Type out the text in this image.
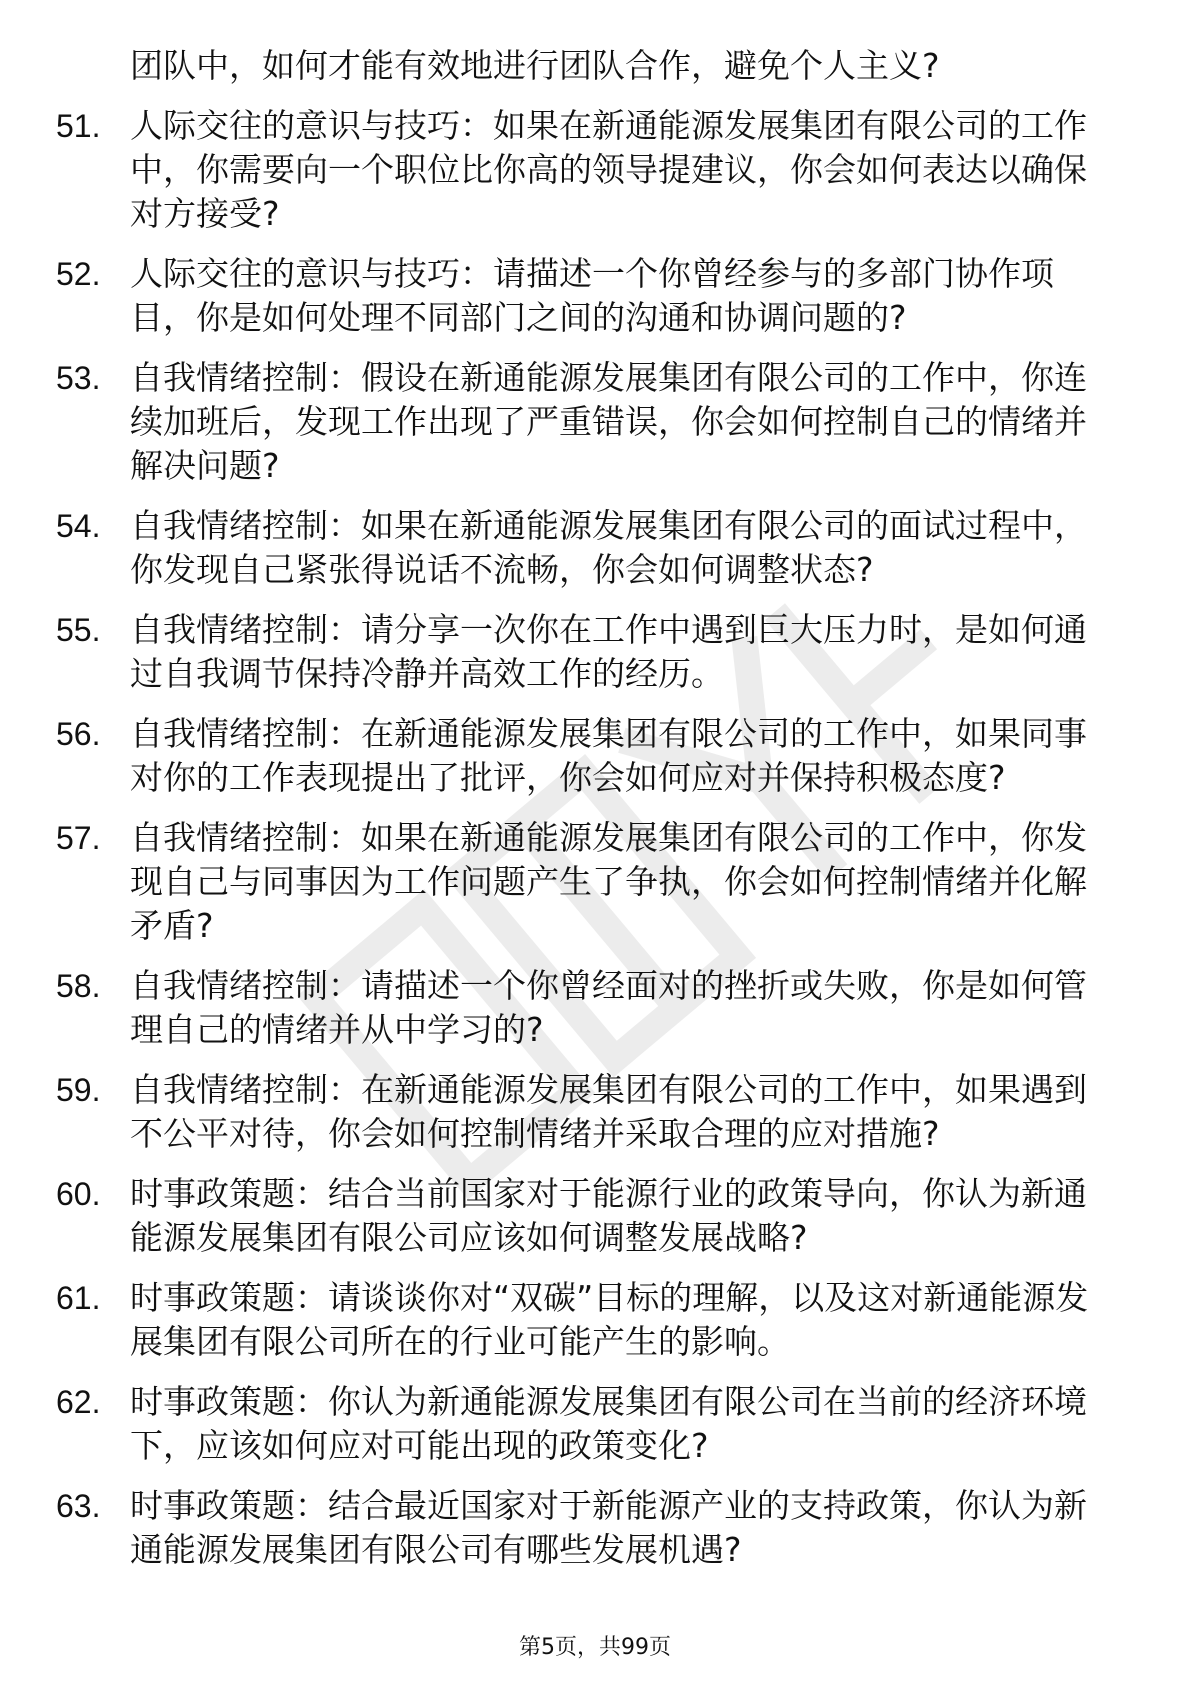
团队中，如何才能有效地进行团队合作，避免个人主义?
51. 人际交往的意识与技巧：如果在新通能源发展集团有限公司的工作中，你需要向一个职位比你高的领导提建议，你会如何表达以确保对方接受?
52. 人际交往的意识与技巧：请描述一个你曾经参与的多部门协作项目，你是如何处理不同部门之间的沟通和协调问题的?
53. 自我情绪控制：假设在新通能源发展集团有限公司的工作中，你连续加班后，发现工作出现了严重错误，你会如何控制自己的情绪并解决问题?
54. 自我情绪控制：如果在新通能源发展集团有限公司的面试过程中，你发现自己紧张得说话不流畅，你会如何调整状态?
55. 自我情绪控制：请分享一次你在工作中遇到巨大压力时，是如何通过自我调节保持冷静并高效工作的经历。
56. 自我情绪控制：在新通能源发展集团有限公司的工作中，如果同事对你的工作表现提出了批评，你会如何应对并保持积极态度?
57. 自我情绪控制：如果在新通能源发展集团有限公司的工作中，你发现自己与同事因为工作问题产生了争执，你会如何控制情绪并化解矛盾?
58. 自我情绪控制：请描述一个你曾经面对的挫折或失败，你是如何管理自己的情绪并从中学习的?
59. 自我情绪控制：在新通能源发展集团有限公司的工作中，如果遇到不公平对待，你会如何控制情绪并采取合理的应对措施?
60. 时事政策题：结合当前国家对于能源行业的政策导向，你认为新通能源发展集团有限公司应该如何调整发展战略?
61. 时事政策题：请谈谈你对“双碳”目标的理解，以及这对新通能源发展集团有限公司所在的行业可能产生的影响。
62. 时事政策题：你认为新通能源发展集团有限公司在当前的经济环境下，应该如何应对可能出现的政策变化?
63. 时事政策题：结合最近国家对于新能源产业的支持政策，你认为新通能源发展集团有限公司有哪些发展机遇?
第5页，共99页
